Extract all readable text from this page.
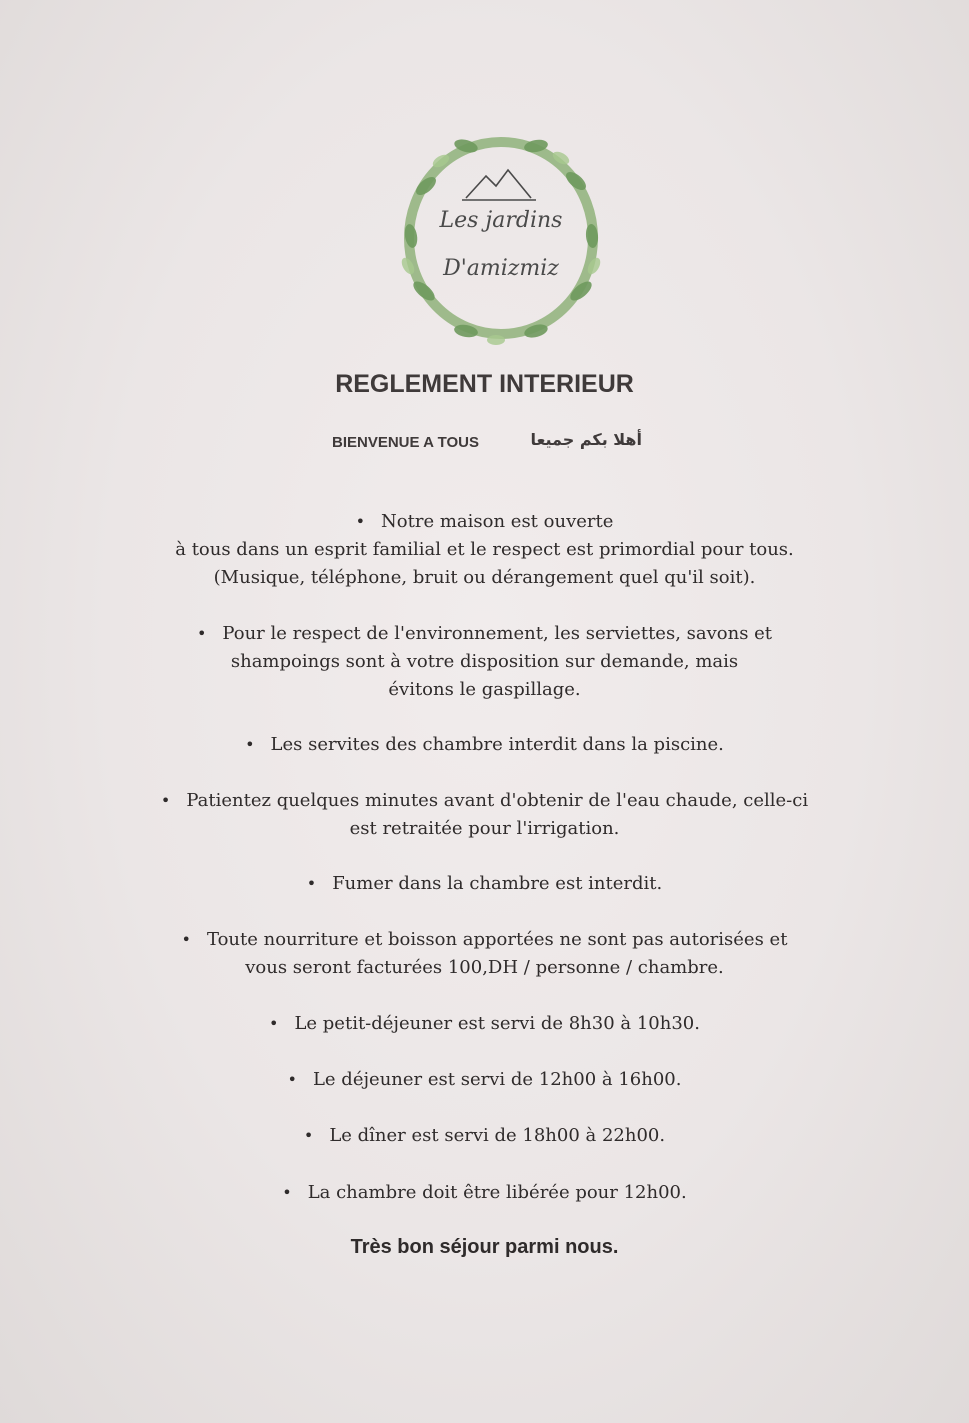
Les jardins
D'amizmiz
REGLEMENT INTERIEUR
BIENVENUE A TOUS	أهلا بكم جميعا
• Notre maison est ouverte
à tous dans un esprit familial et le respect est primordial pour tous.
(Musique, téléphone, bruit ou dérangement quel qu'il soit).
• Pour le respect de l'environnement, les serviettes, savons et
shampoings sont à votre disposition sur demande, mais
évitons le gaspillage.
• Les servites des chambre interdit dans la piscine.
• Patientez quelques minutes avant d'obtenir de l'eau chaude, celle-ci
est retraitée pour l'irrigation.
• Fumer dans la chambre est interdit.
• Toute nourriture et boisson apportées ne sont pas autorisées et
vous seront facturées 100,DH / personne / chambre.
• Le petit-déjeuner est servi de 8h30 à 10h30.
• Le déjeuner est servi de 12h00 à 16h00.
• Le dîner est servi de 18h00 à 22h00.
• La chambre doit être libérée pour 12h00.
Très bon séjour parmi nous.
